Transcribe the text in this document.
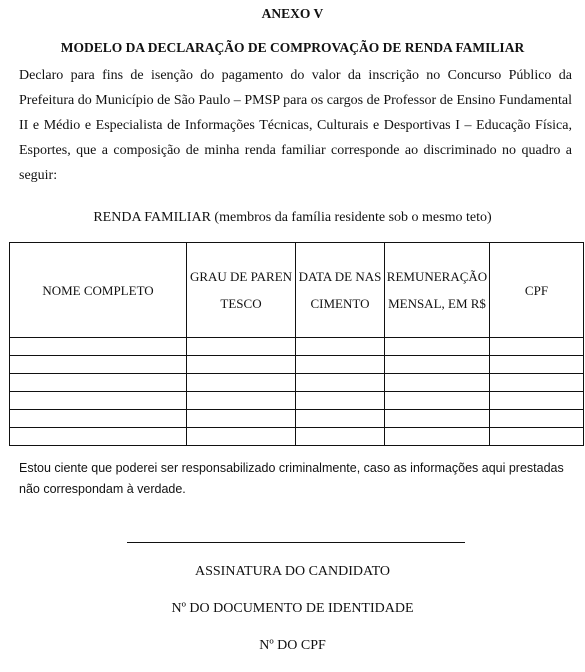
ANEXO V
MODELO DA DECLARAÇÃO DE COMPROVAÇÃO DE RENDA FAMILIAR
Declaro para fins de isenção do pagamento do valor da inscrição no Concurso Público da Prefeitura do Município de São Paulo – PMSP para os cargos de Professor de Ensino Fundamental II e Médio e Especialista de Informações Técnicas, Culturais e Desportivas I – Educação Física, Esportes, que a composição de minha renda familiar corresponde ao discriminado no quadro a seguir:
RENDA FAMILIAR (membros da família residente sob o mesmo teto)
NOME COMPLETO	GRAU DE PARENTESCO	DATA DE NASCIMENTO	REMUNERAÇÃO MENSAL, EM R$	CPF

Estou ciente que poderei ser responsabilizado criminalmente, caso as informações aqui prestadas não correspondam à verdade.
ASSINATURA DO CANDIDATO
Nº DO DOCUMENTO DE IDENTIDADE
Nº DO CPF
